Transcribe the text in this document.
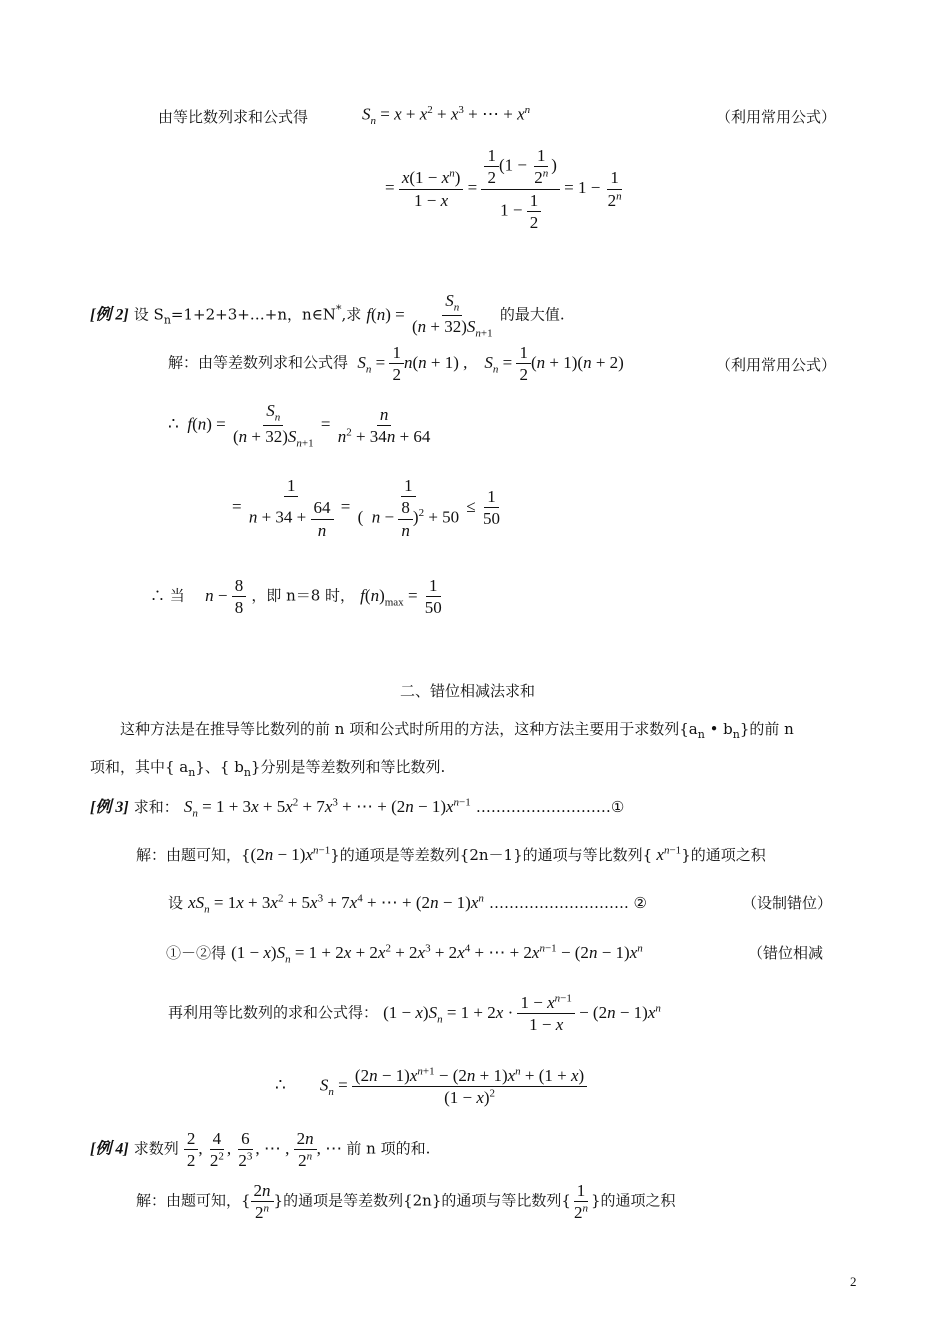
由等比数列求和公式得	$S_n = x + x^2 + x^3$ + ⋯ + $x^n$	（利用常用公式）
= $\frac{x(1 - x^n)}{1 - x} = \frac{\frac{1}{2} (1 - \frac{1}{2^n} )}{1 - \frac{1}{2}} = 1 - \frac{1}{2^n}$
[例 2] 设 $S_n=1+2+3+\dots+n$，n∈N*,求 $f(n) = \frac{S_n}{(n + 32)S_{n+1}}$ 的最大值.
解：由等差数列求和公式得 $S_n = \frac{1}{2} n(n + 1)$ ,    $S_n = \frac{1}{2} (n + 1)(n + 2)$	（利用常用公式）
∴ $f(n) = \frac{S_n}{(n + 32)S_{n+1}} = \frac{n}{n^2 + 34n + 64}$
= $\frac{1}{n + 34 + \frac{64}{n}} = \frac{1}{( n - \frac{8}{n} )^2 + 50} \le \frac{1}{50}$
∴ 当 $n - \frac{8}{8}$ ，即 n＝8 时， $f(n)_{max} = \frac{1}{50}$
二、错位相减法求和
这种方法是在推导等比数列的前 n 项和公式时所用的方法，这种方法主要用于求数列{$a_n$ • $b_n$}的前 n
项和，其中{ $a_n$}、{ $b_n$}分别是等差数列和等比数列.
[例 3] 求和： $S_n = 1 + 3x + 5x^2 + 7x^3$ + ⋯ + $(2n - 1)x^{n-1}$ ………………………①
解：由题可知，$\{(2n - 1)x^{n-1}\}$的通项是等差数列{2n－1}的通项与等比数列{ $x^{n-1}$}的通项之积
设 $xS_n = 1x + 3x^2 + 5x^3 + 7x^4$ + ⋯ + $(2n - 1)x^n$ ………………………. ②	（设制错位）
①－②得 $(1 - x)S_n = 1 + 2x + 2x^2 + 2x^3 + 2x^4$ + ⋯ + $2x^{n-1} - (2n - 1)x^n$	（错位相减
再利用等比数列的求和公式得： $(1 - x)S_n = 1 + 2x \cdot \frac{1 - x^{n-1}}{1 - x} - (2n - 1)x^n$
∴ $S_n = \frac{(2n - 1)x^{n+1} - (2n + 1)x^n + (1 + x)}{(1 - x)^2}$
[例 4] 求数列 $\frac{2}{2}$ , $\frac{4}{2^2}$ , $\frac{6}{2^3}$ , ⋯ , $\frac{2n}{2^n}$ , ⋯ 前 n 项的和.
解：由题可知，{ $\frac{2n}{2^n}$ }的通项是等差数列{2n}的通项与等比数列{ $\frac{1}{2^n}$ }的通项之积
2
